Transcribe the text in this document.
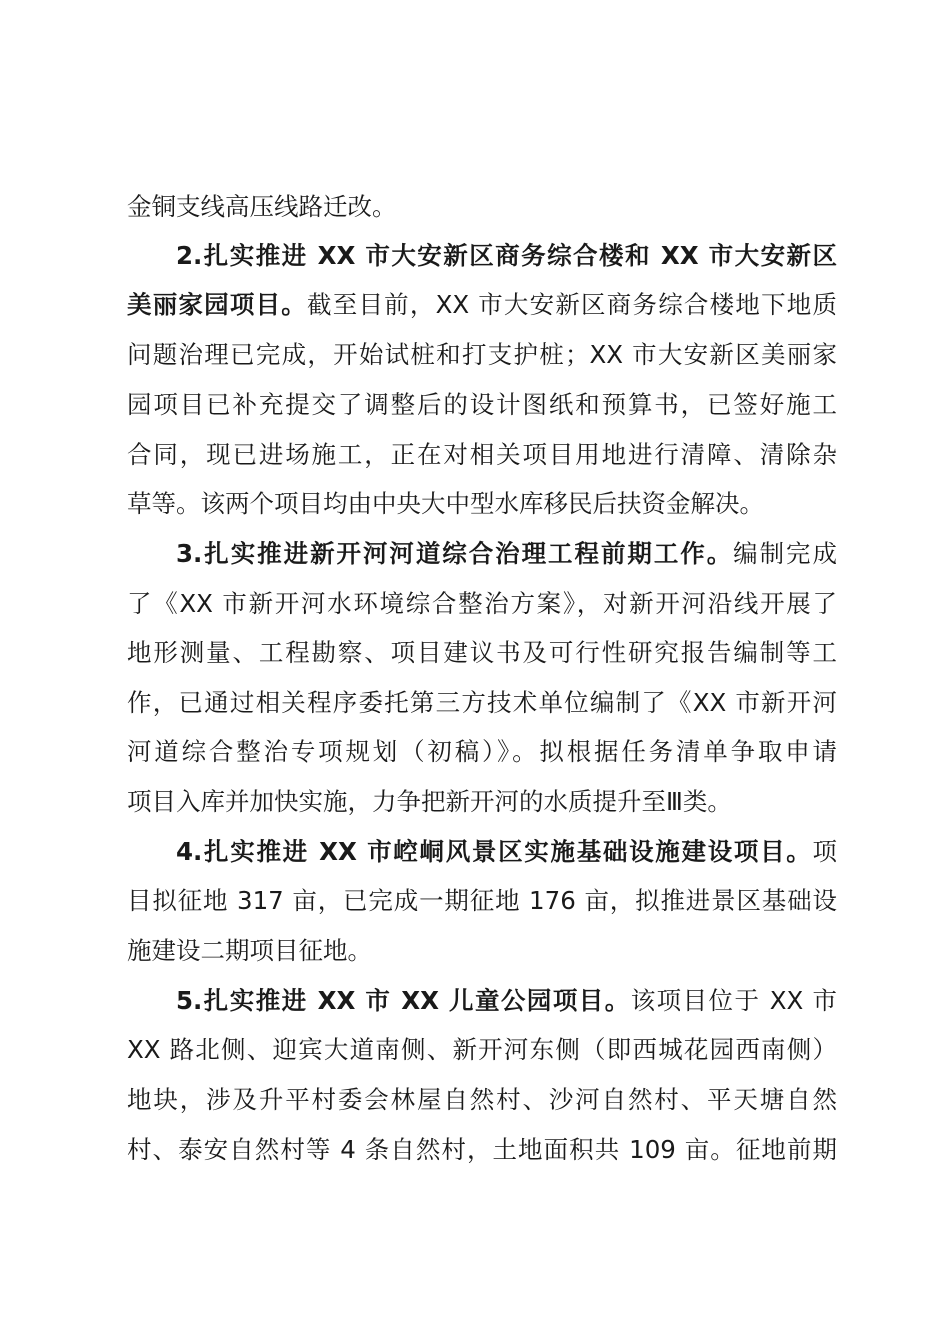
金铜支线高压线路迁改。
2.扎实推进 XX 市大安新区商务综合楼和 XX 市大安新区
美丽家园项目。截至目前，XX 市大安新区商务综合楼地下地质
问题治理已完成，开始试桩和打支护桩；XX 市大安新区美丽家
园项目已补充提交了调整后的设计图纸和预算书，已签好施工
合同，现已进场施工，正在对相关项目用地进行清障、清除杂
草等。该两个项目均由中央大中型水库移民后扶资金解决。
3.扎实推进新开河河道综合治理工程前期工作。编制完成
了《XX 市新开河水环境综合整治方案》，对新开河沿线开展了
地形测量、工程勘察、项目建议书及可行性研究报告编制等工
作，已通过相关程序委托第三方技术单位编制了《XX 市新开河
河道综合整治专项规划（初稿）》。拟根据任务清单争取申请
项目入库并加快实施，力争把新开河的水质提升至Ⅲ类。
4.扎实推进 XX 市崆峒风景区实施基础设施建设项目。项
目拟征地 317 亩，已完成一期征地 176 亩，拟推进景区基础设
施建设二期项目征地。
5.扎实推进 XX 市 XX 儿童公园项目。该项目位于 XX 市
XX 路北侧、迎宾大道南侧、新开河东侧（即西城花园西南侧）
地块，涉及升平村委会林屋自然村、沙河自然村、平天塘自然
村、泰安自然村等 4 条自然村，土地面积共 109 亩。征地前期
